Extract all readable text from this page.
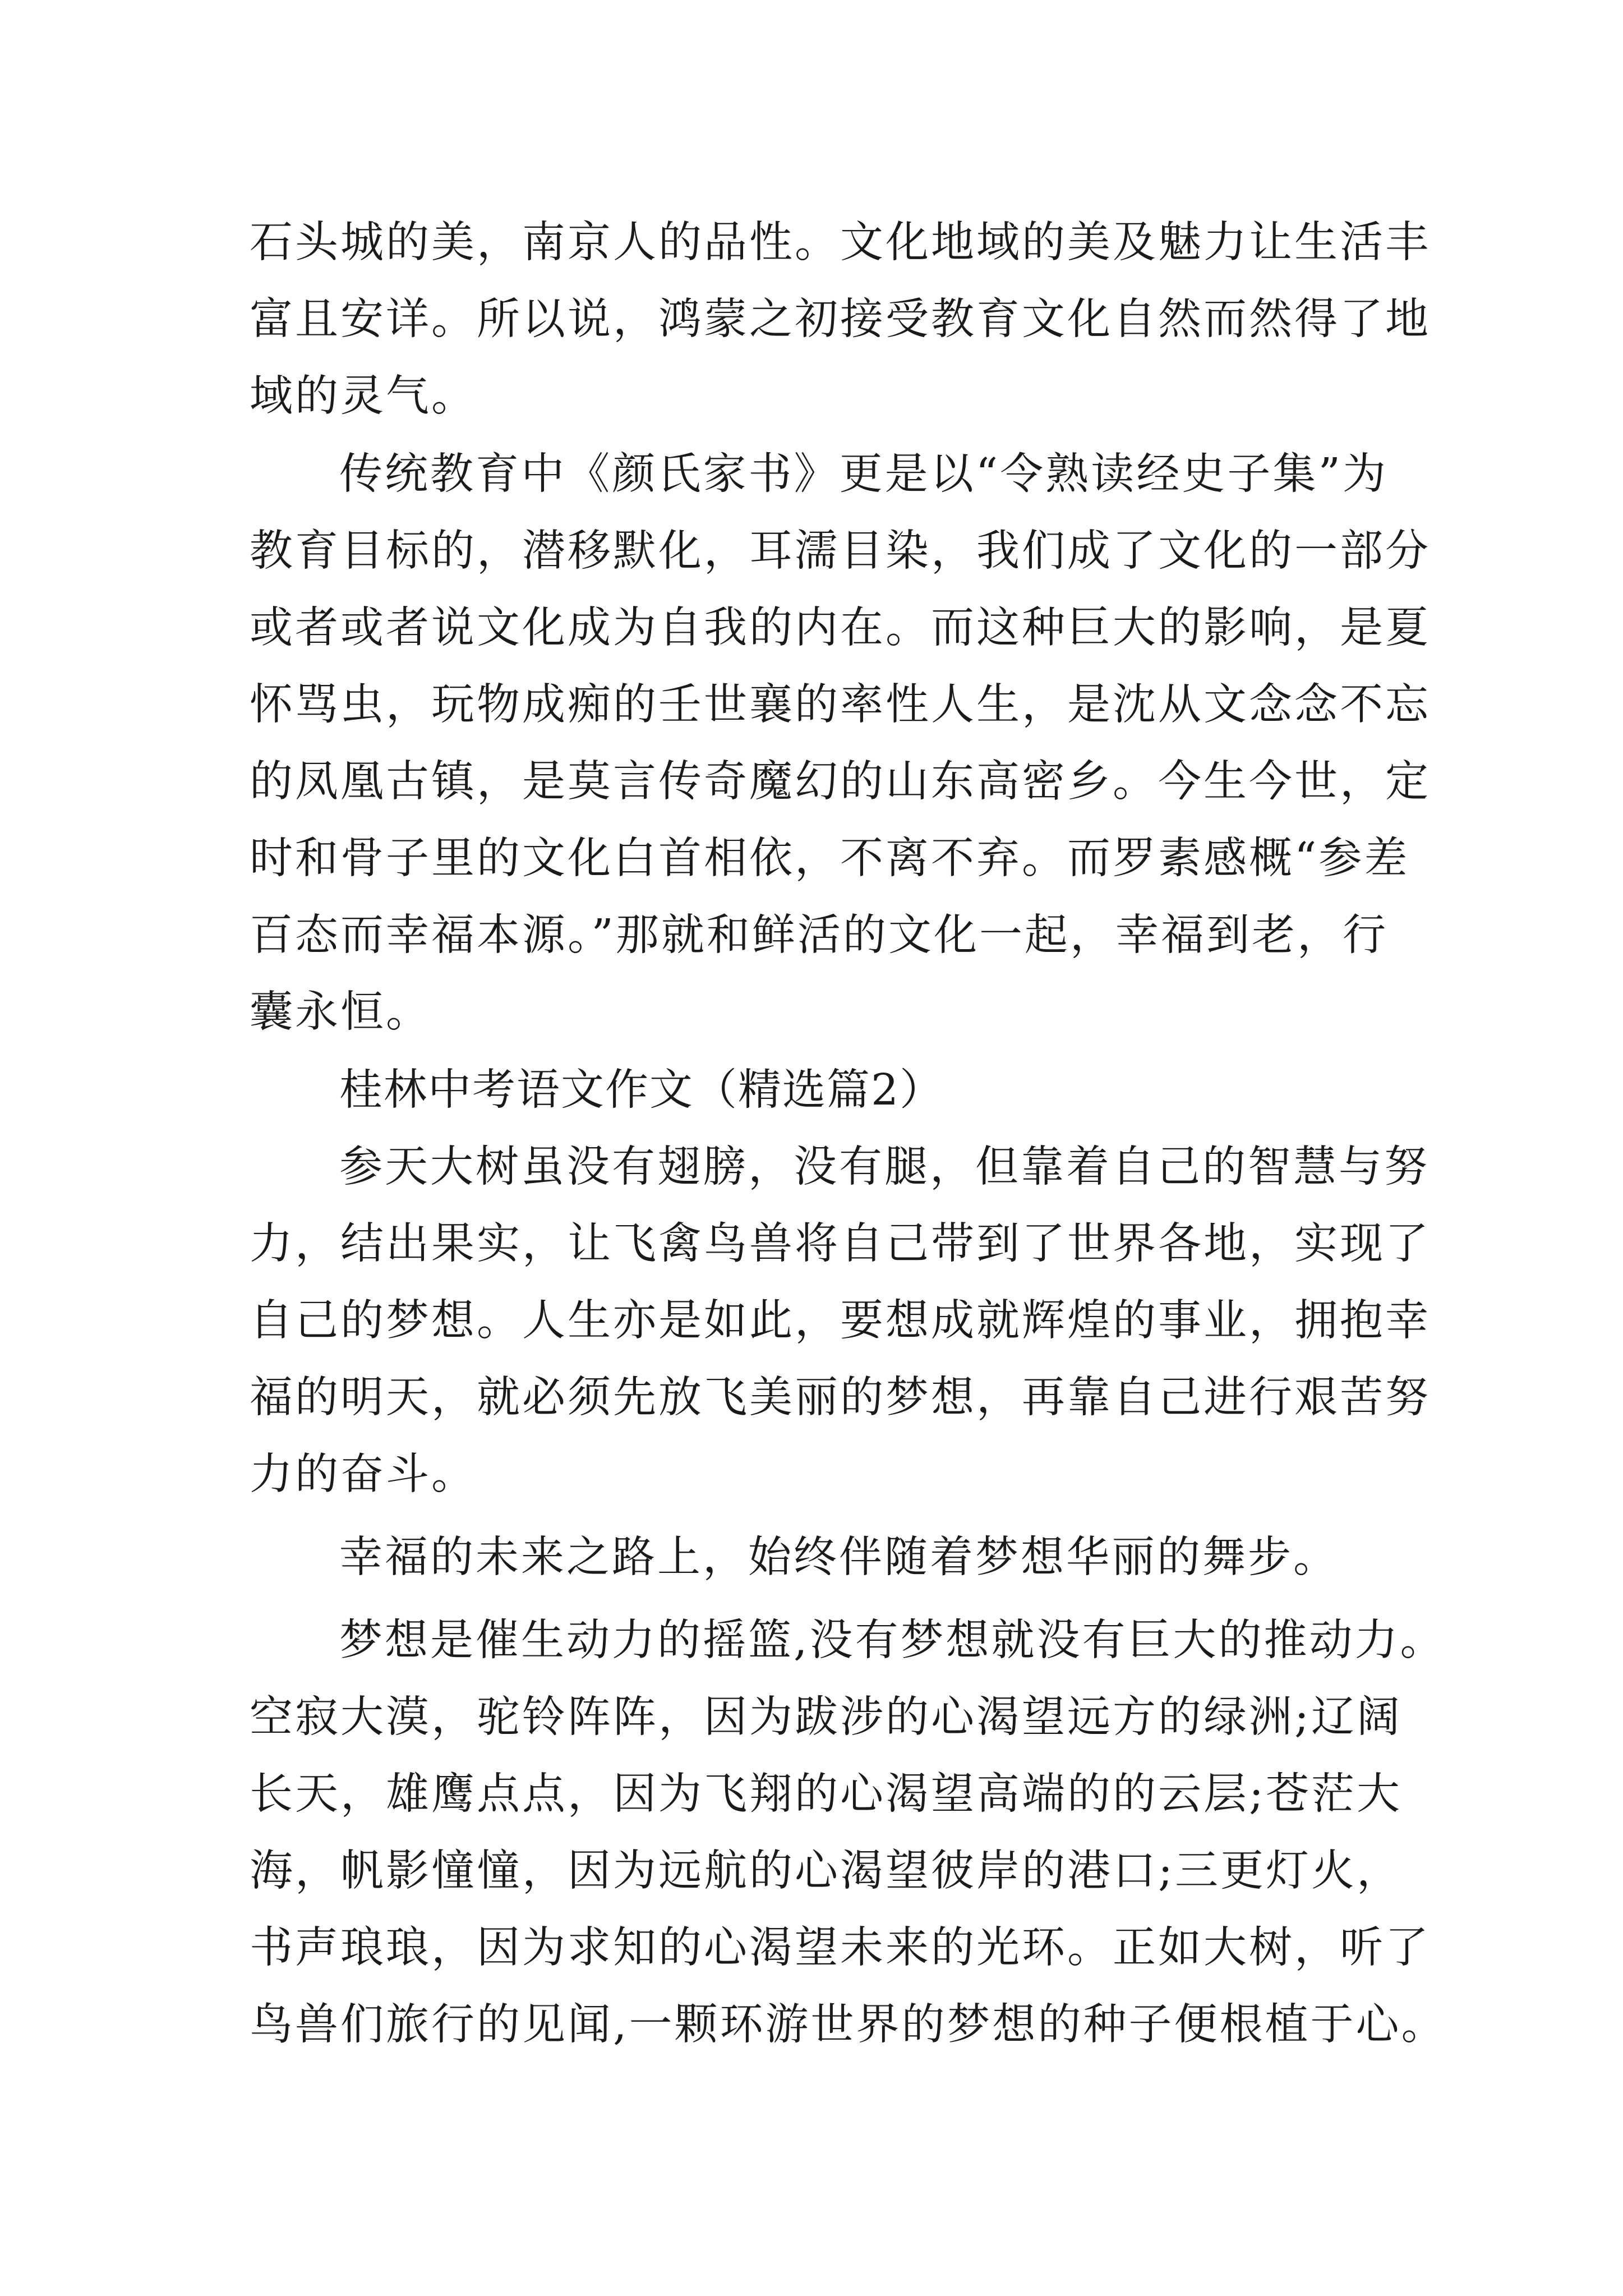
石头城的美，南京人的品性。文化地域的美及魅力让生活丰
富且安详。所以说，鸿蒙之初接受教育文化自然而然得了地
域的灵气。
传统教育中《颜氏家书》更是以“令熟读经史子集”为
教育目标的，潜移默化，耳濡目染，我们成了文化的一部分
或者或者说文化成为自我的内在。而这种巨大的影响，是夏
怀骂虫，玩物成痴的壬世襄的率性人生，是沈从文念念不忘
的凤凰古镇，是莫言传奇魔幻的山东高密乡。今生今世，定
时和骨子里的文化白首相依，不离不弃。而罗素感概“参差
百态而幸福本源。”那就和鲜活的文化一起，幸福到老，行
囊永恒。
桂林中考语文作文（精选篇2）
参天大树虽没有翅膀，没有腿，但靠着自己的智慧与努
力，结出果实，让飞禽鸟兽将自己带到了世界各地，实现了
自己的梦想。人生亦是如此，要想成就辉煌的事业，拥抱幸
福的明天，就必须先放飞美丽的梦想，再靠自己进行艰苦努
力的奋斗。
幸福的未来之路上，始终伴随着梦想华丽的舞步。
梦想是催生动力的摇篮,没有梦想就没有巨大的推动力。
空寂大漠，驼铃阵阵，因为跋涉的心渴望远方的绿洲;辽阔
长天，雄鹰点点，因为飞翔的心渴望高端的的云层;苍茫大
海，帆影憧憧，因为远航的心渴望彼岸的港口;三更灯火，
书声琅琅，因为求知的心渴望未来的光环。正如大树，听了
鸟兽们旅行的见闻,一颗环游世界的梦想的种子便根植于心。
